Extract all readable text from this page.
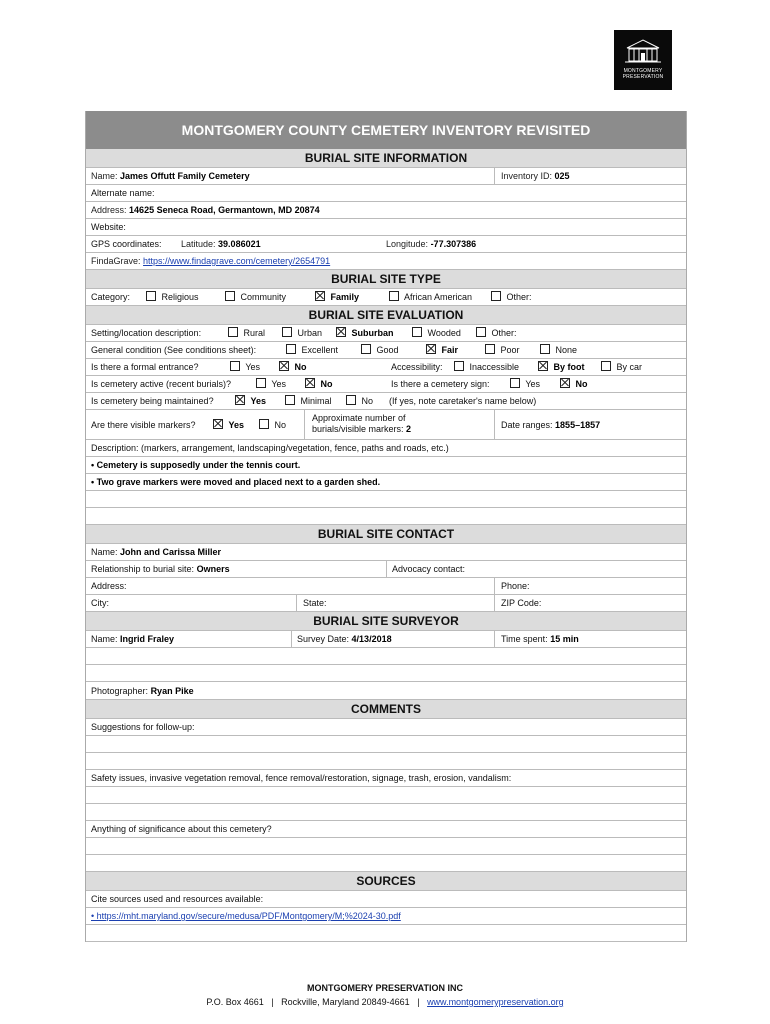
MONTGOMERY
PRESERVATION
MONTGOMERY COUNTY CEMETERY INVENTORY REVISITED
BURIAL SITE INFORMATION
Name: James Offutt Family Cemetery	Inventory ID: 025
Alternate name:
Address: 14625 Seneca Road, Germantown, MD 20874
Website:
GPS coordinates: Latitude: 39.086021	Longitude: -77.307386
FindaGrave: https://www.findagrave.com/cemetery/2654791
BURIAL SITE TYPE
Category:	Religious	Community	Family	African American	Other:
BURIAL SITE EVALUATION
Setting/location description:	Rural	Urban	Suburban	Wooded	Other:
General condition (See conditions sheet):	Excellent	Good	Fair	Poor	None
Is there a formal entrance?	Yes	No	Accessibility:	Inaccessible	By foot	By car
Is cemetery active (recent burials)?	Yes	No	Is there a cemetery sign:	Yes	No
Is cemetery being maintained?	Yes	Minimal	No (If yes, note caretaker's name below)
Are there visible markers?	Yes	No
Approximate number of
burials/visible markers: 2	Date ranges: 1855–1857
Description: (markers, arrangement, landscaping/vegetation, fence, paths and roads, etc.)
• Cemetery is supposedly under the tennis court.
• Two grave markers were moved and placed next to a garden shed.
BURIAL SITE CONTACT
Name: John and Carissa Miller
Relationship to burial site: Owners	Advocacy contact:
Address:	Phone:
City:	State:	ZIP Code:
BURIAL SITE SURVEYOR
Name: Ingrid Fraley	Survey Date: 4/13/2018	Time spent: 15 min
Photographer: Ryan Pike
COMMENTS
Suggestions for follow-up:
Safety issues, invasive vegetation removal, fence removal/restoration, signage, trash, erosion, vandalism:
Anything of significance about this cemetery?
SOURCES
Cite sources used and resources available:
• https://mht.maryland.gov/secure/medusa/PDF/Montgomery/M;%2024-30.pdf
MONTGOMERY PRESERVATION INC
P.O. Box 4661 | Rockville, Maryland 20849-4661 | www.montgomerypreservation.org
